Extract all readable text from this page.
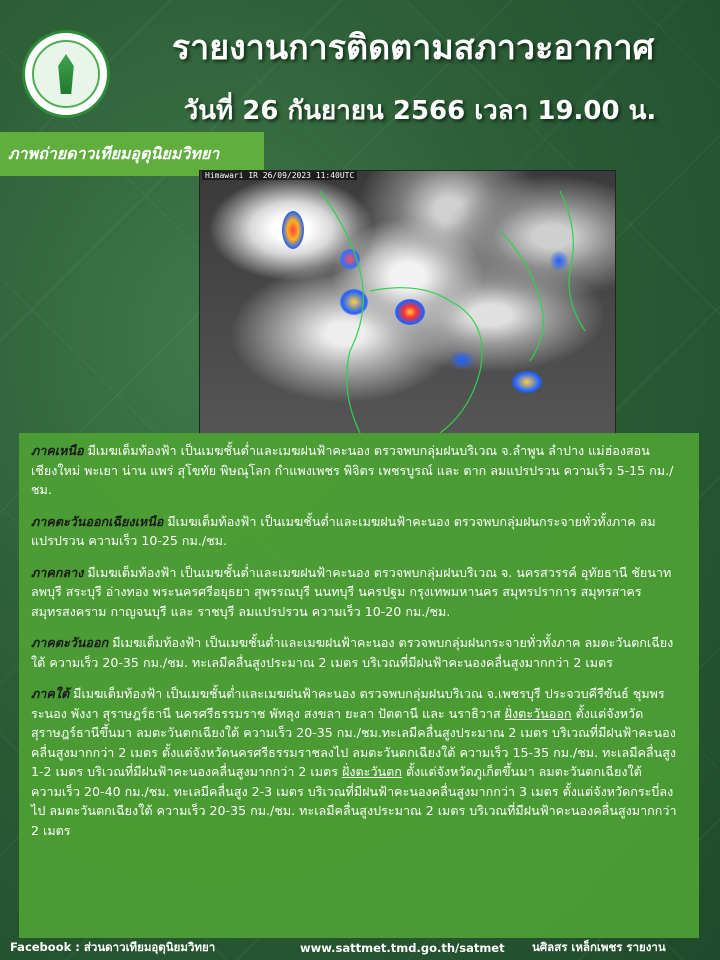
รายงานการติดตามสภาวะอากาศ
วันที่ 26 กันยายน 2566 เวลา 19.00 น.
ภาพถ่ายดาวเทียมอุตุนิยมวิทยา
Himawari IR 26/09/2023 11:40UTC

ภาคเหนือ มีเมฆเต็มท้องฟ้า เป็นเมฆชั้นต่ำและเมฆฝนฟ้าคะนอง ตรวจพบกลุ่มฝนบริเวณ จ.ลำพูน ลำปาง แม่ฮ่องสอน เชียงใหม่ พะเยา น่าน แพร่ สุโขทัย พิษณุโลก กำแพงเพชร พิจิตร เพชรบูรณ์ และ ตาก ลมแปรปรวน ความเร็ว 5-15 กม./ชม.

ภาคตะวันออกเฉียงเหนือ มีเมฆเต็มท้องฟ้า เป็นเมฆชั้นต่ำและเมฆฝนฟ้าคะนอง ตรวจพบกลุ่มฝนกระจายทั่วทั้งภาค ลมแปรปรวน ความเร็ว 10-25 กม./ชม.

ภาคกลาง มีเมฆเต็มท้องฟ้า เป็นเมฆชั้นต่ำและเมฆฝนฟ้าคะนอง ตรวจพบกลุ่มฝนบริเวณ จ. นครสวรรค์ อุทัยธานี ชัยนาท ลพบุรี สระบุรี อ่างทอง พระนครศรีอยุธยา สุพรรณบุรี นนทบุรี นครปฐม กรุงเทพมหานคร สมุทรปราการ สมุทรสาคร สมุทรสงคราม กาญจนบุรี และ ราชบุรี ลมแปรปรวน ความเร็ว 10-20 กม./ชม.

ภาคตะวันออก มีเมฆเต็มท้องฟ้า เป็นเมฆชั้นต่ำและเมฆฝนฟ้าคะนอง ตรวจพบกลุ่มฝนกระจายทั่วทั้งภาค ลมตะวันตกเฉียงใต้ ความเร็ว 20-35 กม./ชม. ทะเลมีคลื่นสูงประมาณ 2 เมตร บริเวณที่มีฝนฟ้าคะนองคลื่นสูงมากกว่า 2 เมตร

ภาคใต้ มีเมฆเต็มท้องฟ้า เป็นเมฆชั้นต่ำและเมฆฝนฟ้าคะนอง ตรวจพบกลุ่มฝนบริเวณ จ.เพชรบุรี ประจวบคีรีขันธ์ ชุมพร ระนอง พังงา สุราษฎร์ธานี นครศรีธรรมราช พัทลุง สงขลา ยะลา ปัตตานี และ นราธิวาส ฝั่งตะวันออก ตั้งแต่จังหวัดสุราษฎร์ธานีขึ้นมา ลมตะวันตกเฉียงใต้ ความเร็ว 20-35 กม./ชม.ทะเลมีคลื่นสูงประมาณ 2 เมตร บริเวณที่มีฝนฟ้าคะนองคลื่นสูงมากกว่า 2 เมตร ตั้งแต่จังหวัดนครศรีธรรมราชลงไป ลมตะวันตกเฉียงใต้ ความเร็ว 15-35 กม./ชม. ทะเลมีคลื่นสูง 1-2 เมตร บริเวณที่มีฝนฟ้าคะนองคลื่นสูงมากกว่า 2 เมตร ฝั่งตะวันตก ตั้งแต่จังหวัดภูเก็ตขึ้นมา ลมตะวันตกเฉียงใต้ ความเร็ว 20-40 กม./ชม. ทะเลมีคลื่นสูง 2-3 เมตร บริเวณที่มีฝนฟ้าคะนองคลื่นสูงมากกว่า 3 เมตร ตั้งแต่จังหวัดกระบี่ลงไป ลมตะวันตกเฉียงใต้ ความเร็ว 20-35 กม./ชม. ทะเลมีคลื่นสูงประมาณ 2 เมตร บริเวณที่มีฝนฟ้าคะนองคลื่นสูงมากกว่า 2 เมตร

Facebook : ส่วนดาวเทียมอุตุนิยมวิทยา	www.sattmet.tmd.go.th/satmet นศิลสร เหล็กเพชร รายงาน
